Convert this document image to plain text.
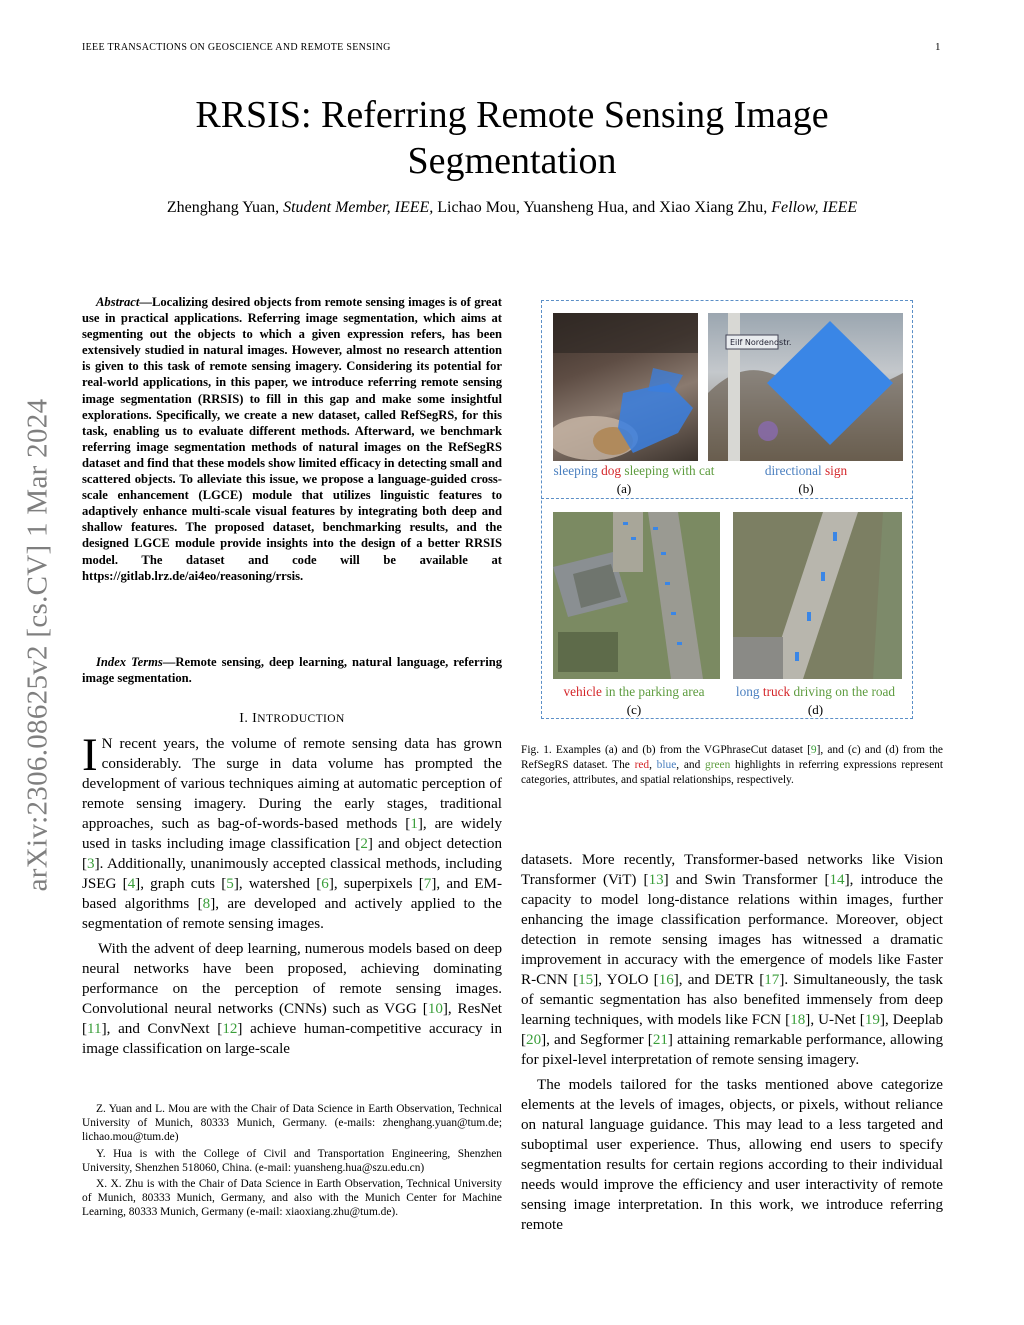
IEEE TRANSACTIONS ON GEOSCIENCE AND REMOTE SENSING	1
RRSIS: Referring Remote Sensing Image
Segmentation
Zhenghang Yuan, Student Member, IEEE, Lichao Mou, Yuansheng Hua, and Xiao Xiang Zhu, Fellow, IEEE
arXiv:2306.08625v2 [cs.CV] 1 Mar 2024
Abstract—Localizing desired objects from remote sensing images is of great use in practical applications. Referring image segmentation, which aims at segmenting out the objects to which a given expression refers, has been extensively studied in natural images. However, almost no research attention is given to this task of remote sensing imagery. Considering its potential for real-world applications, in this paper, we introduce referring remote sensing image segmentation (RRSIS) to fill in this gap and make some insightful explorations. Specifically, we create a new dataset, called RefSegRS, for this task, enabling us to evaluate different methods. Afterward, we benchmark referring image segmentation methods of natural images on the RefSegRS dataset and find that these models show limited efficacy in detecting small and scattered objects. To alleviate this issue, we propose a language-guided cross-scale enhancement (LGCE) module that utilizes linguistic features to adaptively enhance multi-scale visual features by integrating both deep and shallow features. The proposed dataset, benchmarking results, and the designed LGCE module provide insights into the design of a better RRSIS model. The dataset and code will be available at https://gitlab.lrz.de/ai4eo/reasoning/rrsis.
Index Terms—Remote sensing, deep learning, natural language, referring image segmentation.
I. INTRODUCTION

I N recent years, the volume of remote sensing data has grown considerably. The surge in data volume has prompted the development of various techniques aiming at automatic perception of remote sensing imagery. During the early stages, traditional approaches, such as bag-of-words-based methods [1], are widely used in tasks including image classification [2] and object detection [3]. Additionally, unanimously accepted classical methods, including JSEG [4], graph cuts [5], watershed [6], superpixels [7], and EM-based algorithms [8], are developed and actively applied to the segmentation of remote sensing images.

With the advent of deep learning, numerous models based on deep neural networks have been proposed, achieving dominating performance on the perception of remote sensing images. Convolutional neural networks (CNNs) such as VGG [10], ResNet [11], and ConvNext [12] achieve human-competitive accuracy in image classification on large-scale

Z. Yuan and L. Mou are with the Chair of Data Science in Earth Observation, Technical University of Munich, 80333 Munich, Germany. (e-mails: zhenghang.yuan@tum.de; lichao.mou@tum.de)

Y. Hua is with the College of Civil and Transportation Engineering, Shenzhen University, Shenzhen 518060, China. (e-mail: yuansheng.hua@szu.edu.cn)

X. X. Zhu is with the Chair of Data Science in Earth Observation, Technical University of Munich, 80333 Munich, Germany, and also with the Munich Center for Machine Learning, 80333 Munich, Germany (e-mail: xiaoxiang.zhu@tum.de).

Eilf Nordendstr.
sleeping dog sleeping with cat
(a)
directional sign
(b)
vehicle in the parking area
(c)
long truck driving on the road
(d)
Fig. 1. Examples (a) and (b) from the VGPhraseCut dataset [9], and (c) and (d) from the RefSegRS dataset. The red, blue, and green highlights in referring expressions represent categories, attributes, and spatial relationships, respectively.

datasets. More recently, Transformer-based networks like Vision Transformer (ViT) [13] and Swin Transformer [14], introduce the capacity to model long-distance relations within images, further enhancing the image classification performance. Moreover, object detection in remote sensing images has witnessed a dramatic improvement in accuracy with the emergence of models like Faster R-CNN [15], YOLO [16], and DETR [17]. Simultaneously, the task of semantic segmentation has also benefited immensely from deep learning techniques, with models like FCN [18], U-Net [19], Deeplab [20], and Segformer [21] attaining remarkable performance, allowing for pixel-level interpretation of remote sensing imagery.

The models tailored for the tasks mentioned above categorize elements at the levels of images, objects, or pixels, without reliance on natural language guidance. This may lead to a less targeted and suboptimal user experience. Thus, allowing end users to specify segmentation results for certain regions according to their individual needs would improve the efficiency and user interactivity of remote sensing image interpretation. In this work, we introduce referring remote
